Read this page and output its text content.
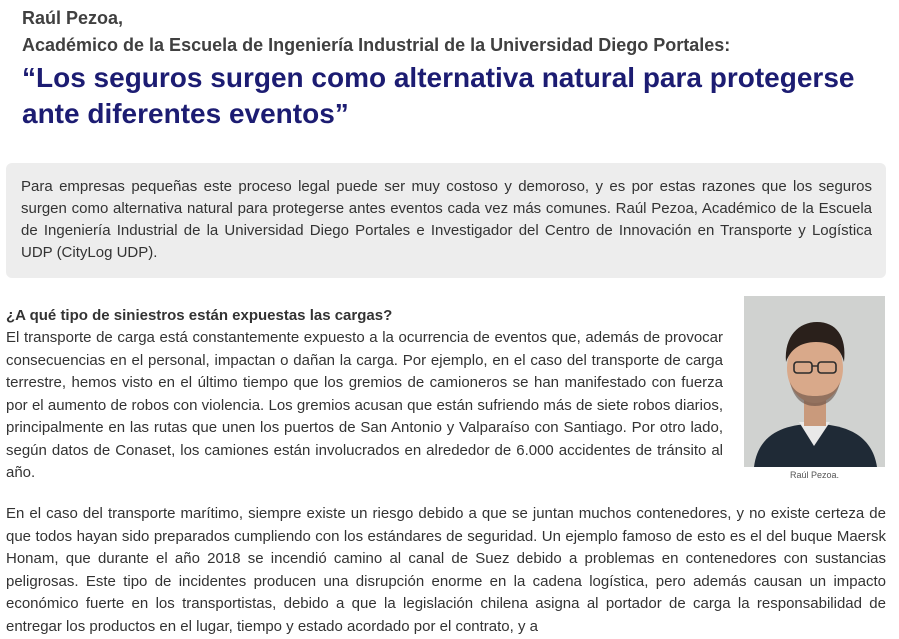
Raúl Pezoa,

Académico de la Escuela de Ingeniería Industrial de la Universidad Diego Portales:

“Los seguros surgen como alternativa natural para protegerse ante diferentes eventos”

Para empresas pequeñas este proceso legal puede ser muy costoso y demoroso, y es por estas razones que los seguros surgen como alternativa natural para protegerse antes eventos cada vez más comunes. Raúl Pezoa, Académico de la Escuela de Ingeniería Industrial de la Universidad Diego Portales e Investigador del Centro de Innovación en Transporte y Logística UDP (CityLog UDP).

¿A qué tipo de siniestros están expuestas las cargas?

El transporte de carga está constantemente expuesto a la ocurrencia de eventos que, además de provocar consecuencias en el personal, impactan o dañan la carga. Por ejemplo, en el caso del transporte de carga terrestre, hemos visto en el último tiempo que los gremios de camioneros se han manifestado con fuerza por el aumento de robos con violencia. Los gremios acusan que están sufriendo más de siete robos diarios, principalmente en las rutas que unen los puertos de San Antonio y Valparaíso con Santiago. Por otro lado, según datos de Conaset, los camiones están involucrados en alrededor de 6.000 accidentes de tránsito al año.	Raúl Pezoa.

En el caso del transporte marítimo, siempre existe un riesgo debido a que se juntan muchos contenedores, y no existe certeza de que todos hayan sido preparados cumpliendo con los estándares de seguridad. Un ejemplo famoso de esto es el del buque Maersk Honam, que durante el año 2018 se incendió camino al canal de Suez debido a problemas en contenedores con sustancias peligrosas. Este tipo de incidentes producen una disrupción enorme en la cadena logística, pero además causan un impacto económico fuerte en los transportistas, debido a que la legislación chilena asigna al portador de carga la responsabilidad de entregar los productos en el lugar, tiempo y estado acordado por el contrato, y a
